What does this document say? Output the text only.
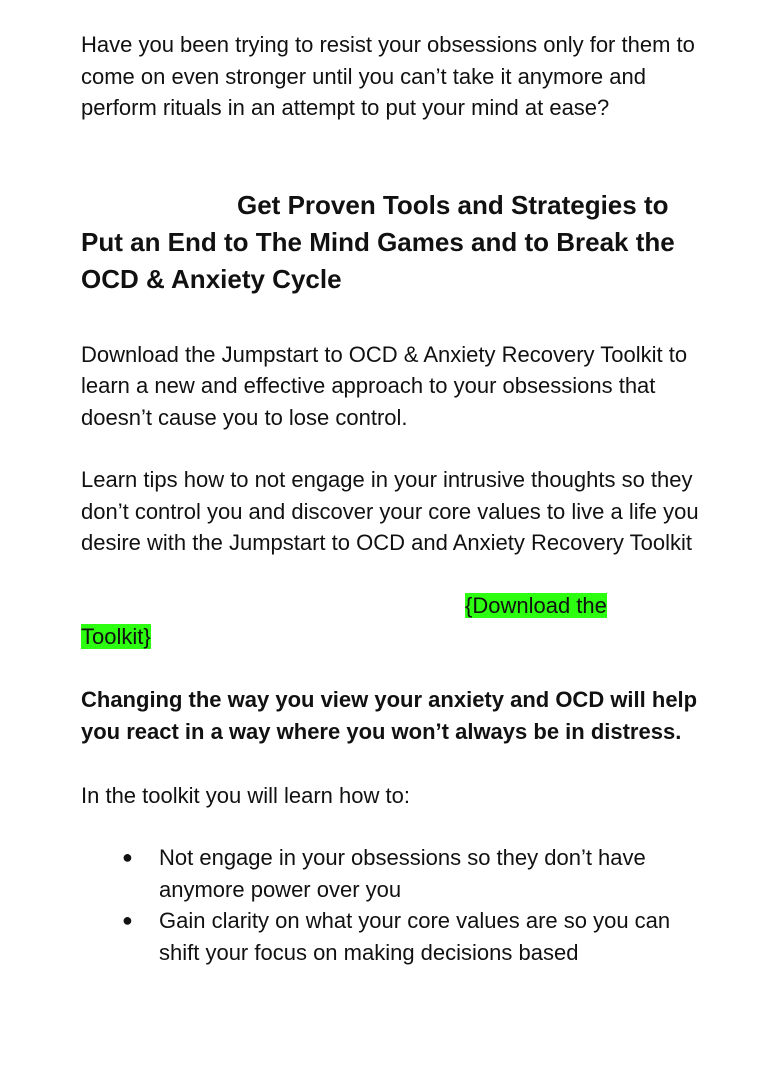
Have you been trying to resist your obsessions only for them to come on even stronger until you can’t take it anymore and perform rituals in an attempt to put your mind at ease?

Get Proven Tools and Strategies to Put an End to The Mind Games and to Break the OCD & Anxiety Cycle

Download the Jumpstart to OCD & Anxiety Recovery Toolkit to learn a new and effective approach to your obsessions that doesn’t cause you to lose control.

Learn tips how to not engage in your intrusive thoughts so they don’t control you and discover your core values to live a life you desire with the Jumpstart to OCD and Anxiety Recovery Toolkit

{Download the
Toolkit}

Changing the way you view your anxiety and OCD will help you react in a way where you won’t always be in distress.

In the toolkit you will learn how to:

● Not engage in your obsessions so they don’t have anymore power over you
● Gain clarity on what your core values are so you can shift your focus on making decisions based
